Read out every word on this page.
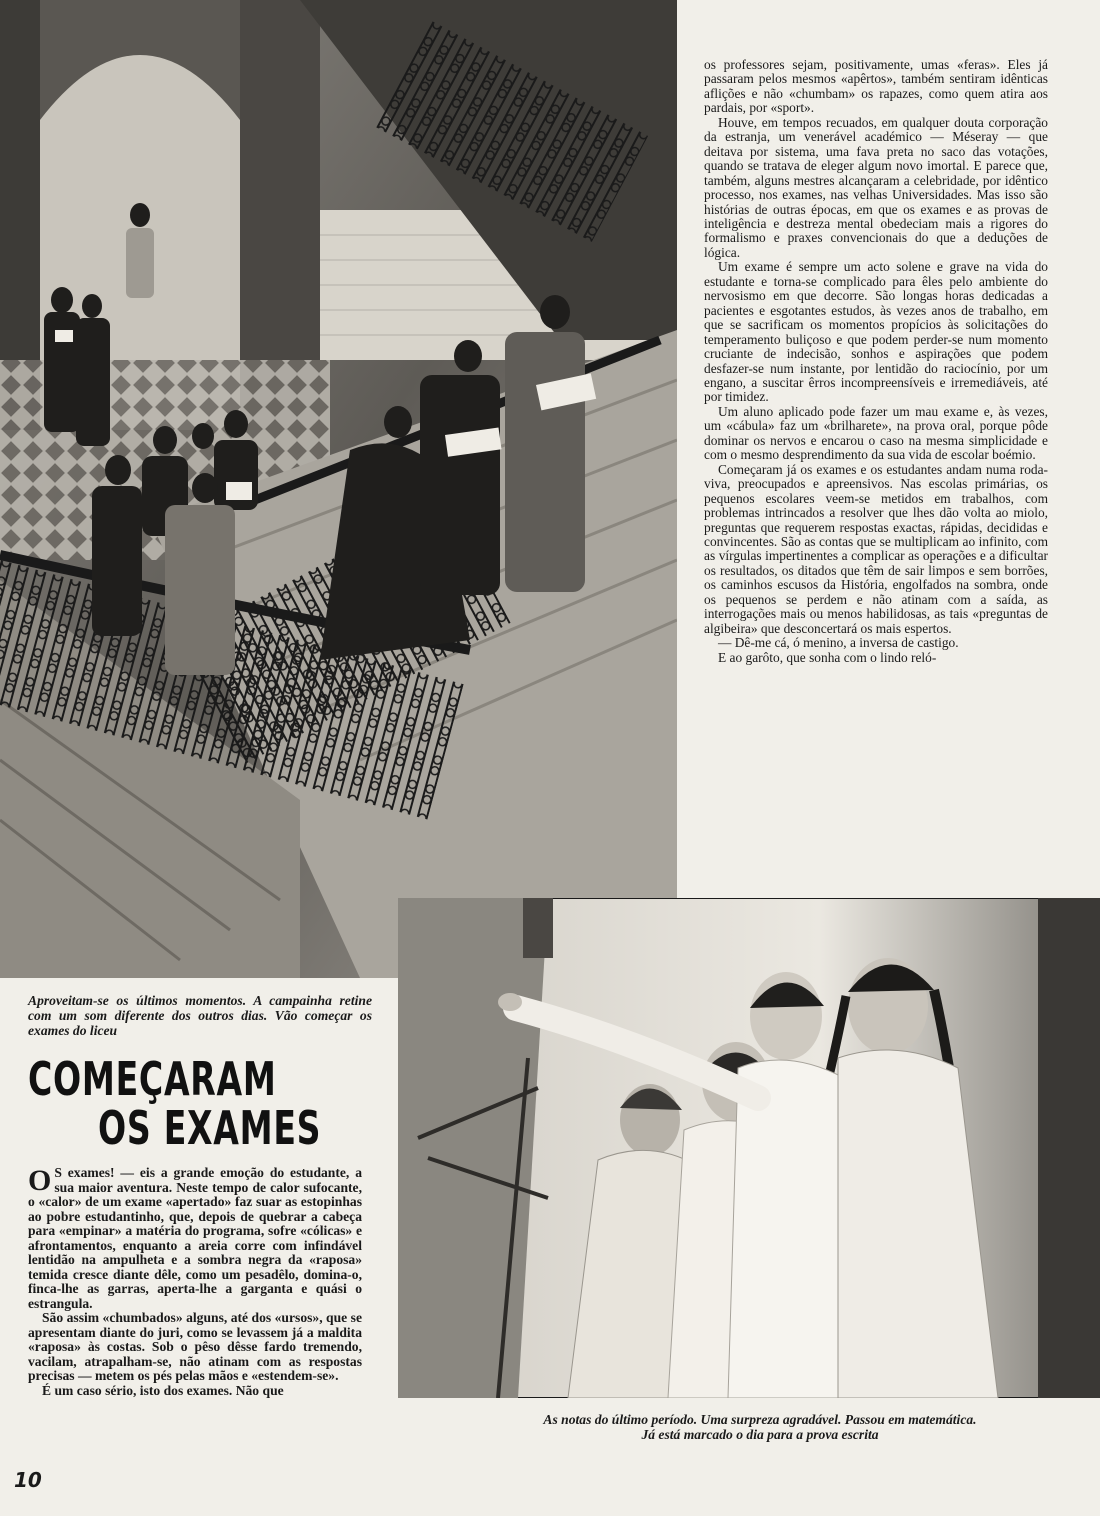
os professores sejam, positivamente, umas «feras». Eles já passaram pelos mesmos «apêrtos», também sentiram idênticas aflições e não «chumbam» os rapazes, como quem atira aos pardais, por «sport».

Houve, em tempos recuados, em qualquer douta corporação da estranja, um venerável académico — Méseray — que deitava por sistema, uma fava preta no saco das votações, quando se tratava de eleger algum novo imortal. E parece que, também, alguns mestres alcançaram a celebridade, por idêntico processo, nos exames, nas velhas Universidades. Mas isso são histórias de outras épocas, em que os exames e as provas de inteligência e destreza mental obedeciam mais a rigores do formalismo e praxes convencionais do que a deduções de lógica.

Um exame é sempre um acto solene e grave na vida do estudante e torna-se complicado para êles pelo ambiente do nervosismo em que decorre. São longas horas dedicadas a pacientes e esgotantes estudos, às vezes anos de trabalho, em que se sacrificam os momentos propícios às solicitações do temperamento buliçoso e que podem perder-se num momento cruciante de indecisão, sonhos e aspirações que podem desfazer-se num instante, por lentidão do raciocínio, por um engano, a suscitar êrros incompreensíveis e irremediáveis, até por timidez.

Um aluno aplicado pode fazer um mau exame e, às vezes, um «cábula» faz um «brilharete», na prova oral, porque pôde dominar os nervos e encarou o caso na mesma simplicidade e com o mesmo desprendimento da sua vida de escolar boémio.

Começaram já os exames e os estudantes andam numa roda-viva, preocupados e apreensivos. Nas escolas primárias, os pequenos escolares veem-se metidos em trabalhos, com problemas intrincados a resolver que lhes dão volta ao miolo, preguntas que requerem respostas exactas, rápidas, decididas e convincentes. São as contas que se multiplicam ao infinito, com as vírgulas impertinentes a complicar as operações e a dificultar os resultados, os ditados que têm de sair limpos e sem borrões, os caminhos escusos da História, engolfados na sombra, onde os pequenos se perdem e não atinam com a saída, as interrogações mais ou menos habilidosas, as tais «preguntas de algibeira» que desconcertará os mais espertos.

— Dê-me cá, ó menino, a inversa de castigo.

E ao garôto, que sonha com o lindo reló-

Aproveitam-se os últimos momentos. A campainha retine com um som diferente dos outros dias. Vão começar os exames do liceu
COMEÇARAM
OS EXAMES

O S exames! — eis a grande emoção do estudante, a sua maior aventura. Neste tempo de calor sufocante, o «calor» de um exame «apertado» faz suar as estopinhas ao pobre estudantinho, que, depois de quebrar a cabeça para «empinar» a matéria do programa, sofre «cólicas» e afrontamentos, enquanto a areia corre com infindável lentidão na ampulheta e a sombra negra da «raposa» temida cresce diante dêle, como um pesadêlo, domina-o, finca-lhe as garras, aperta-lhe a garganta e quási o estrangula.

São assim «chumbados» alguns, até dos «ursos», que se apresentam diante do juri, como se levassem já a maldita «raposa» às costas. Sob o pêso dêsse fardo tremendo, vacilam, atrapalham-se, não atinam com as respostas precisas — metem os pés pelas mãos e «estendem-se».

É um caso sério, isto dos exames. Não que

As notas do último período. Uma surpreza agradável. Passou em matemática.
Já está marcado o dia para a prova escrita
10
